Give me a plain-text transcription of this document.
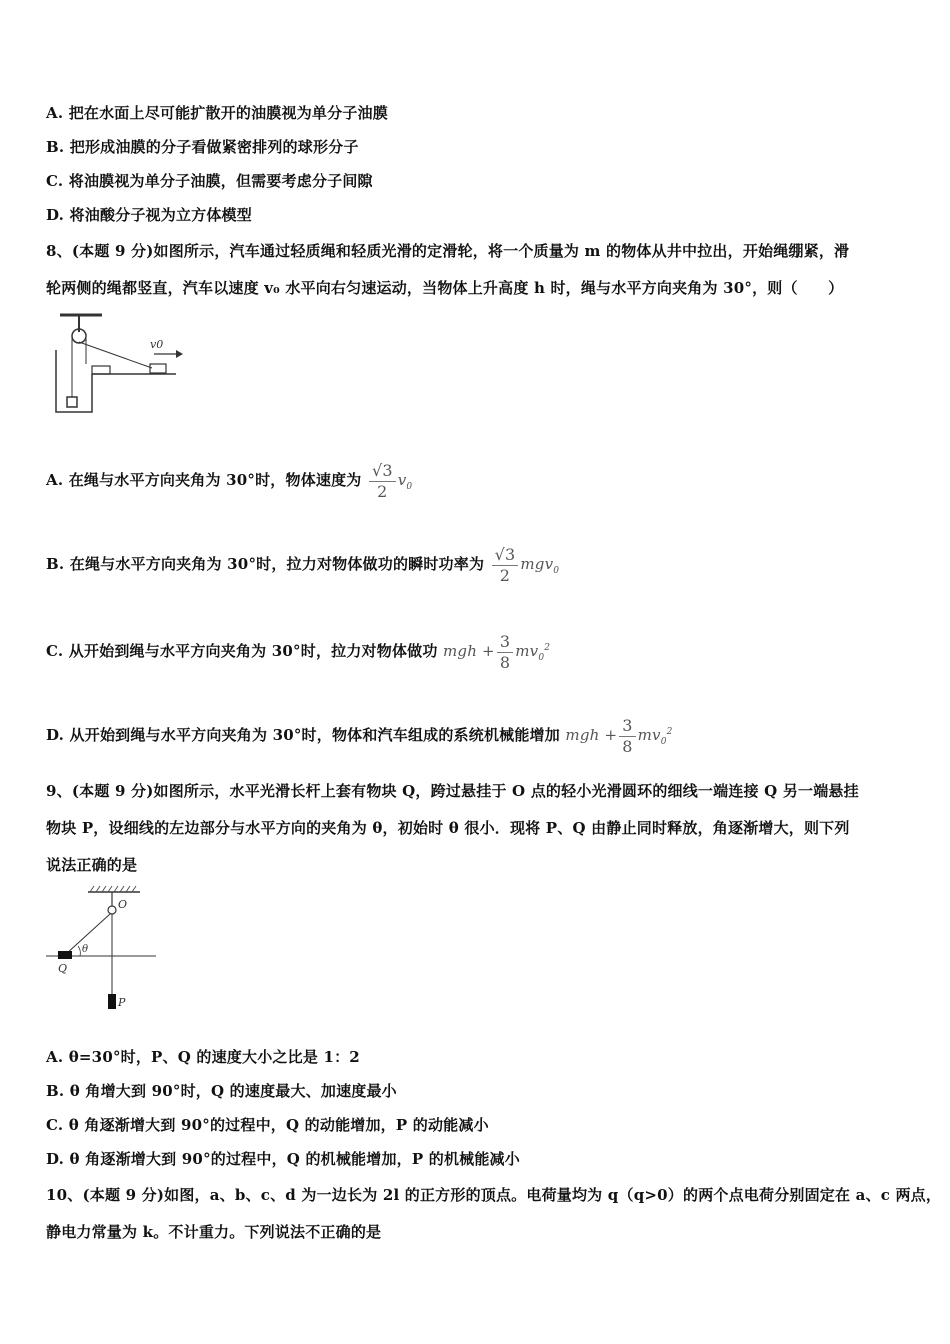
A. 把在水面上尽可能扩散开的油膜视为单分子油膜
B. 把形成油膜的分子看做紧密排列的球形分子
C. 将油膜视为单分子油膜，但需要考虑分子间隙
D. 将油酸分子视为立方体模型
8、(本题 9 分)如图所示，汽车通过轻质绳和轻质光滑的定滑轮，将一个质量为 m 的物体从井中拉出，开始绳绷紧，滑
轮两侧的绳都竖直，汽车以速度 v₀ 水平向右匀速运动，当物体上升高度 h 时，绳与水平方向夹角为 30°，则（　　）
v0
A. 在绳与水平方向夹角为 30°时，物体速度为 $\frac{√3}{2} v_0$
B. 在绳与水平方向夹角为 30°时，拉力对物体做功的瞬时功率为 $\frac{√3}{2} mgv_0$
C. 从开始到绳与水平方向夹角为 30°时，拉力对物体做功 mgh + $\frac{3}{8} mv_0^2$
D. 从开始到绳与水平方向夹角为 30°时，物体和汽车组成的系统机械能增加 mgh + $\frac{3}{8} mv_0^2$
9、(本题 9 分)如图所示，水平光滑长杆上套有物块 Q，跨过悬挂于 O 点的轻小光滑圆环的细线一端连接 Q 另一端悬挂
物块 P，设细线的左边部分与水平方向的夹角为 θ，初始时 θ 很小．现将 P、Q 由静止同时释放，角逐渐增大，则下列
说法正确的是
O
θ
Q
P
A. θ=30°时，P、Q 的速度大小之比是 1：2
B. θ 角增大到 90°时，Q 的速度最大、加速度最小
C. θ 角逐渐增大到 90°的过程中，Q 的动能增加，P 的动能减小
D. θ 角逐渐增大到 90°的过程中，Q 的机械能增加，P 的机械能减小
10、(本题 9 分)如图，a、b、c、d 为一边长为 2l 的正方形的顶点。电荷量均为 q（q>0）的两个点电荷分别固定在 a、c 两点，
静电力常量为 k。不计重力。下列说法不正确的是
